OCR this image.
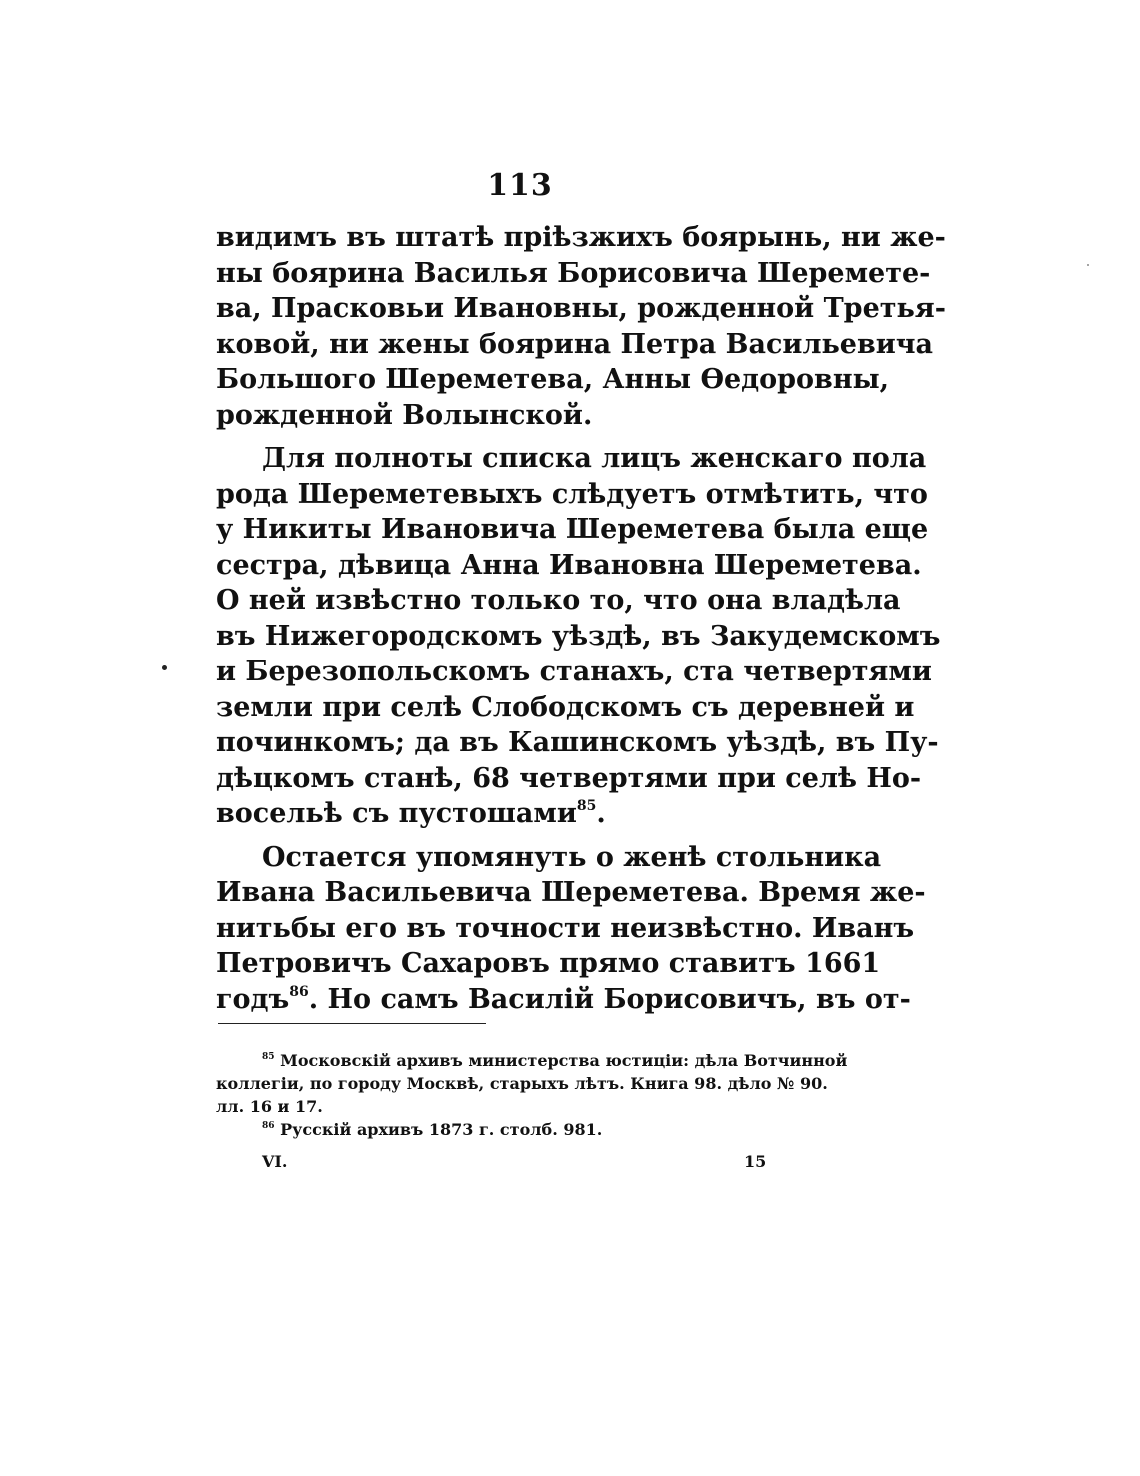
113
видимъ въ штатѣ прiѣзжихъ боярынь, ни же-
ны боярина Василья Борисовича Шереметe-
ва, Прасковьи Ивановны, рожденной Третья-
ковой, ни жены боярина Петра Васильевича
Большого Шереметева, Анны Ѳедоровны,
рожденной Волынской.
Для полноты списка лицъ женскаго пола
рода Шереметевыхъ слѣдуетъ отмѣтить, что
у Никиты Ивановича Шереметева была еще
сестра, дѣвица Анна Ивановна Шереметева.
О ней извѣстно только то, что она владѣла
въ Нижегородскомъ уѣздѣ, въ Закудемскомъ
и Березопольскомъ станахъ, ста четвертями
земли при селѣ Слободскомъ съ деревней и
починкомъ; да въ Кашинскомъ уѣздѣ, въ Пу-
дѣцкомъ станѣ, 68 четвертями при селѣ Но-
восельѣ съ пустошами$^{85}$.
Остается упомянуть о женѣ стольника
Ивана Васильевича Шереметева. Время же-
нитьбы его въ точности неизвѣстно. Иванъ
Петровичъ Сахаровъ прямо ставитъ 1661
годъ$^{86}$. Но самъ Василiй Борисовичъ, въ от-
$^{85}$ Московскiй архивъ министерства юстицiи: дѣла Вотчинной
коллегiи, по городу Москвѣ, старыхъ лѣтъ. Книга 98. дѣло № 90.
лл. 16 и 17.
$^{86}$ Русскiй архивъ 1873 г. столб. 981.
VI.	15
